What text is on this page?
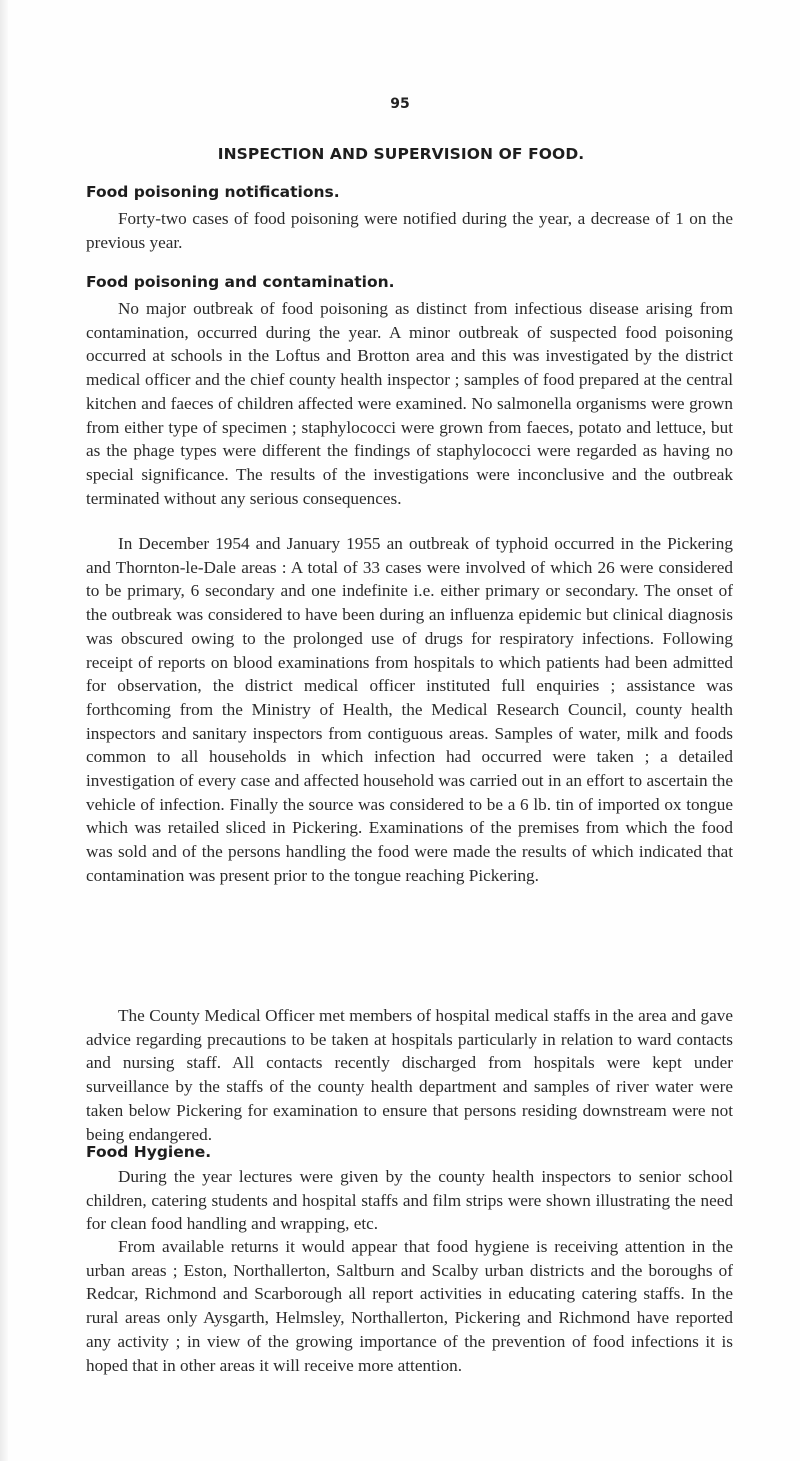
95
INSPECTION AND SUPERVISION OF FOOD.
Food poisoning notifications.

Forty-two cases of food poisoning were notified during the year, a decrease of 1 on the previous year.

Food poisoning and contamination.

No major outbreak of food poisoning as distinct from infectious disease arising from contamination, occurred during the year. A minor outbreak of suspected food poisoning occurred at schools in the Loftus and Brotton area and this was investigated by the district medical officer and the chief county health inspector ; samples of food prepared at the central kitchen and faeces of children affected were examined. No salmonella organisms were grown from either type of specimen ; staphylococci were grown from faeces, potato and lettuce, but as the phage types were different the findings of staphylococci were regarded as having no special significance. The results of the investigations were inconclusive and the outbreak terminated without any serious consequences.

In December 1954 and January 1955 an outbreak of typhoid occurred in the Pickering and Thornton-le-Dale areas : A total of 33 cases were involved of which 26 were considered to be primary, 6 secondary and one indefinite i.e. either primary or secondary. The onset of the outbreak was considered to have been during an influenza epidemic but clinical diagnosis was obscured owing to the prolonged use of drugs for respiratory infections. Following receipt of reports on blood examinations from hospitals to which patients had been admitted for observation, the district medical officer instituted full enquiries ; assistance was forthcoming from the Ministry of Health, the Medical Research Council, county health inspectors and sanitary inspectors from contiguous areas. Samples of water, milk and foods common to all households in which infection had occurred were taken ; a detailed investigation of every case and affected household was carried out in an effort to ascertain the vehicle of infection. Finally the source was considered to be a 6 lb. tin of imported ox tongue which was retailed sliced in Pickering. Examinations of the premises from which the food was sold and of the persons handling the food were made the results of which indicated that contamination was present prior to the tongue reaching Pickering.

The County Medical Officer met members of hospital medical staffs in the area and gave advice regarding precautions to be taken at hospitals particularly in relation to ward contacts and nursing staff. All contacts recently discharged from hospitals were kept under surveillance by the staffs of the county health department and samples of river water were taken below Pickering for examination to ensure that persons residing downstream were not being endangered.

Food Hygiene.

During the year lectures were given by the county health inspectors to senior school children, catering students and hospital staffs and film strips were shown illustrating the need for clean food handling and wrapping, etc.

From available returns it would appear that food hygiene is receiving attention in the urban areas ; Eston, Northallerton, Saltburn and Scalby urban districts and the boroughs of Redcar, Richmond and Scarborough all report activities in educating catering staffs. In the rural areas only Aysgarth, Helmsley, Northallerton, Pickering and Richmond have reported any activity ; in view of the growing importance of the prevention of food infections it is hoped that in other areas it will receive more attention.
